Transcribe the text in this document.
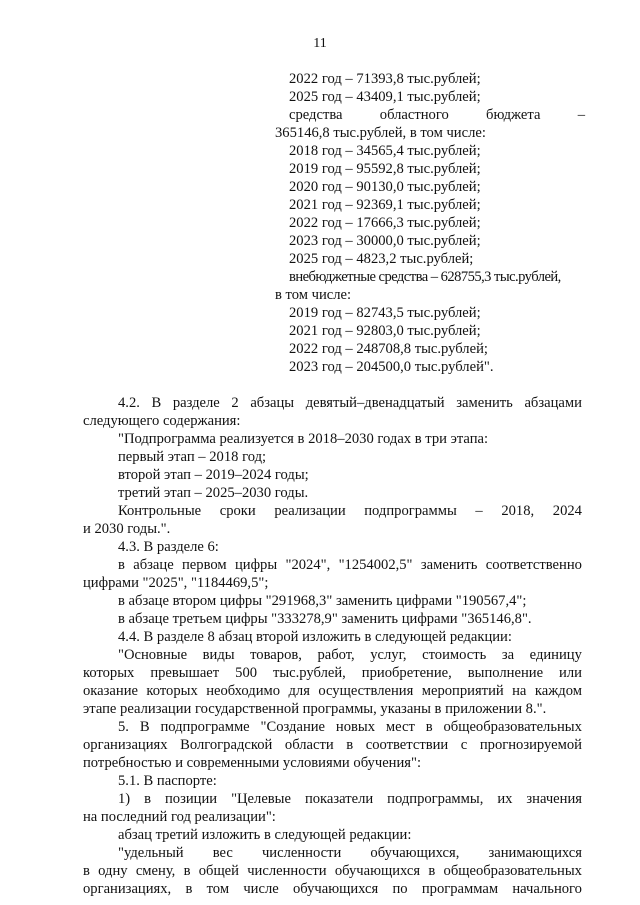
11
2022 год – 71393,8 тыс.рублей;
2025 год – 43409,1 тыс.рублей;
средства	областного	бюджета	–
365146,8 тыс.рублей, в том числе:
2018 год – 34565,4 тыс.рублей;
2019 год – 95592,8 тыс.рублей;
2020 год – 90130,0 тыс.рублей;
2021 год – 92369,1 тыс.рублей;
2022 год – 17666,3 тыс.рублей;
2023 год – 30000,0 тыс.рублей;
2025 год – 4823,2 тыс.рублей;
внебюджетные средства – 628755,3 тыс.рублей,
в том числе:
2019 год – 82743,5 тыс.рублей;
2021 год – 92803,0 тыс.рублей;
2022 год – 248708,8 тыс.рублей;
2023 год – 204500,0 тыс.рублей".
4.2. В разделе 2 абзацы девятый–двенадцатый заменить абзацами
следующего содержания:
"Подпрограмма реализуется в 2018–2030 годах в три этапа:
первый этап – 2018 год;
второй этап – 2019–2024 годы;
третий этап – 2025–2030 годы.
Контрольные сроки реализации подпрограммы – 2018, 2024
и 2030 годы.".
4.3. В разделе 6:
в абзаце первом цифры "2024", "1254002,5" заменить соответственно
цифрами "2025", "1184469,5";
в абзаце втором цифры "291968,3" заменить цифрами "190567,4";
в абзаце третьем цифры "333278,9" заменить цифрами "365146,8".
4.4. В разделе 8 абзац второй изложить в следующей редакции:
"Основные виды товаров, работ, услуг, стоимость за единицу
которых превышает 500 тыс.рублей, приобретение, выполнение или
оказание которых необходимо для осуществления мероприятий на каждом
этапе реализации государственной программы, указаны в приложении 8.".
5. В подпрограмме "Создание новых мест в общеобразовательных
организациях Волгоградской области в соответствии с прогнозируемой
потребностью и современными условиями обучения":
5.1. В паспорте:
1) в позиции "Целевые показатели подпрограммы, их значения
на последний год реализации":
абзац третий изложить в следующей редакции:
"удельный вес численности обучающихся, занимающихся
в одну смену, в общей численности обучающихся в общеобразовательных
организациях, в том числе обучающихся по программам начального
